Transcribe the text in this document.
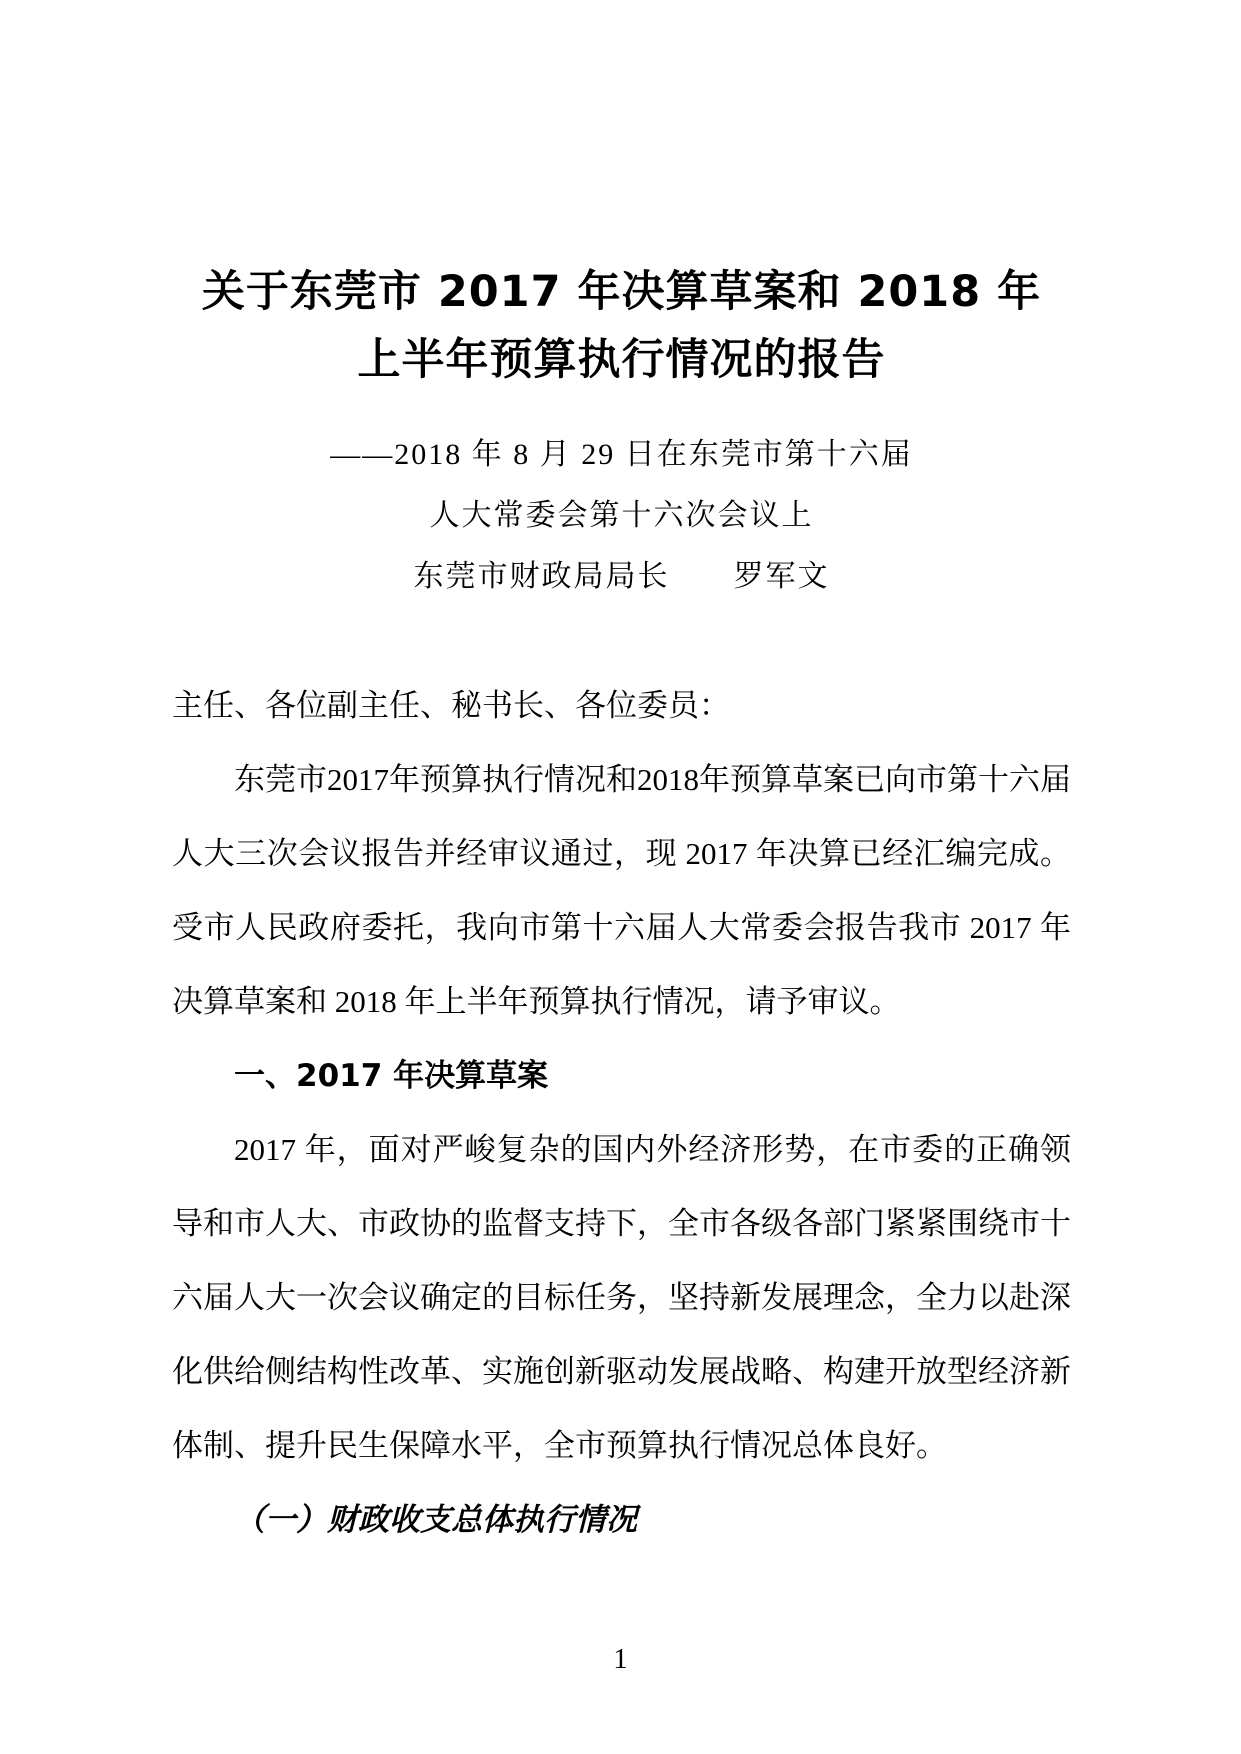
关于东莞市 2017 年决算草案和 2018 年
上半年预算执行情况的报告
——2018 年 8 月 29 日在东莞市第十六届
人大常委会第十六次会议上
东莞市财政局局长　　罗军文

主任、各位副主任、秘书长、各位委员：

东莞市2017年预算执行情况和2018年预算草案已向市第十六届人大三次会议报告并经审议通过，现 2017 年决算已经汇编完成。受市人民政府委托，我向市第十六届人大常委会报告我市 2017 年决算草案和 2018 年上半年预算执行情况，请予审议。

一、2017 年决算草案

2017 年，面对严峻复杂的国内外经济形势，在市委的正确领导和市人大、市政协的监督支持下，全市各级各部门紧紧围绕市十六届人大一次会议确定的目标任务，坚持新发展理念，全力以赴深化供给侧结构性改革、实施创新驱动发展战略、构建开放型经济新体制、提升民生保障水平，全市预算执行情况总体良好。

（一）财政收支总体执行情况

1
